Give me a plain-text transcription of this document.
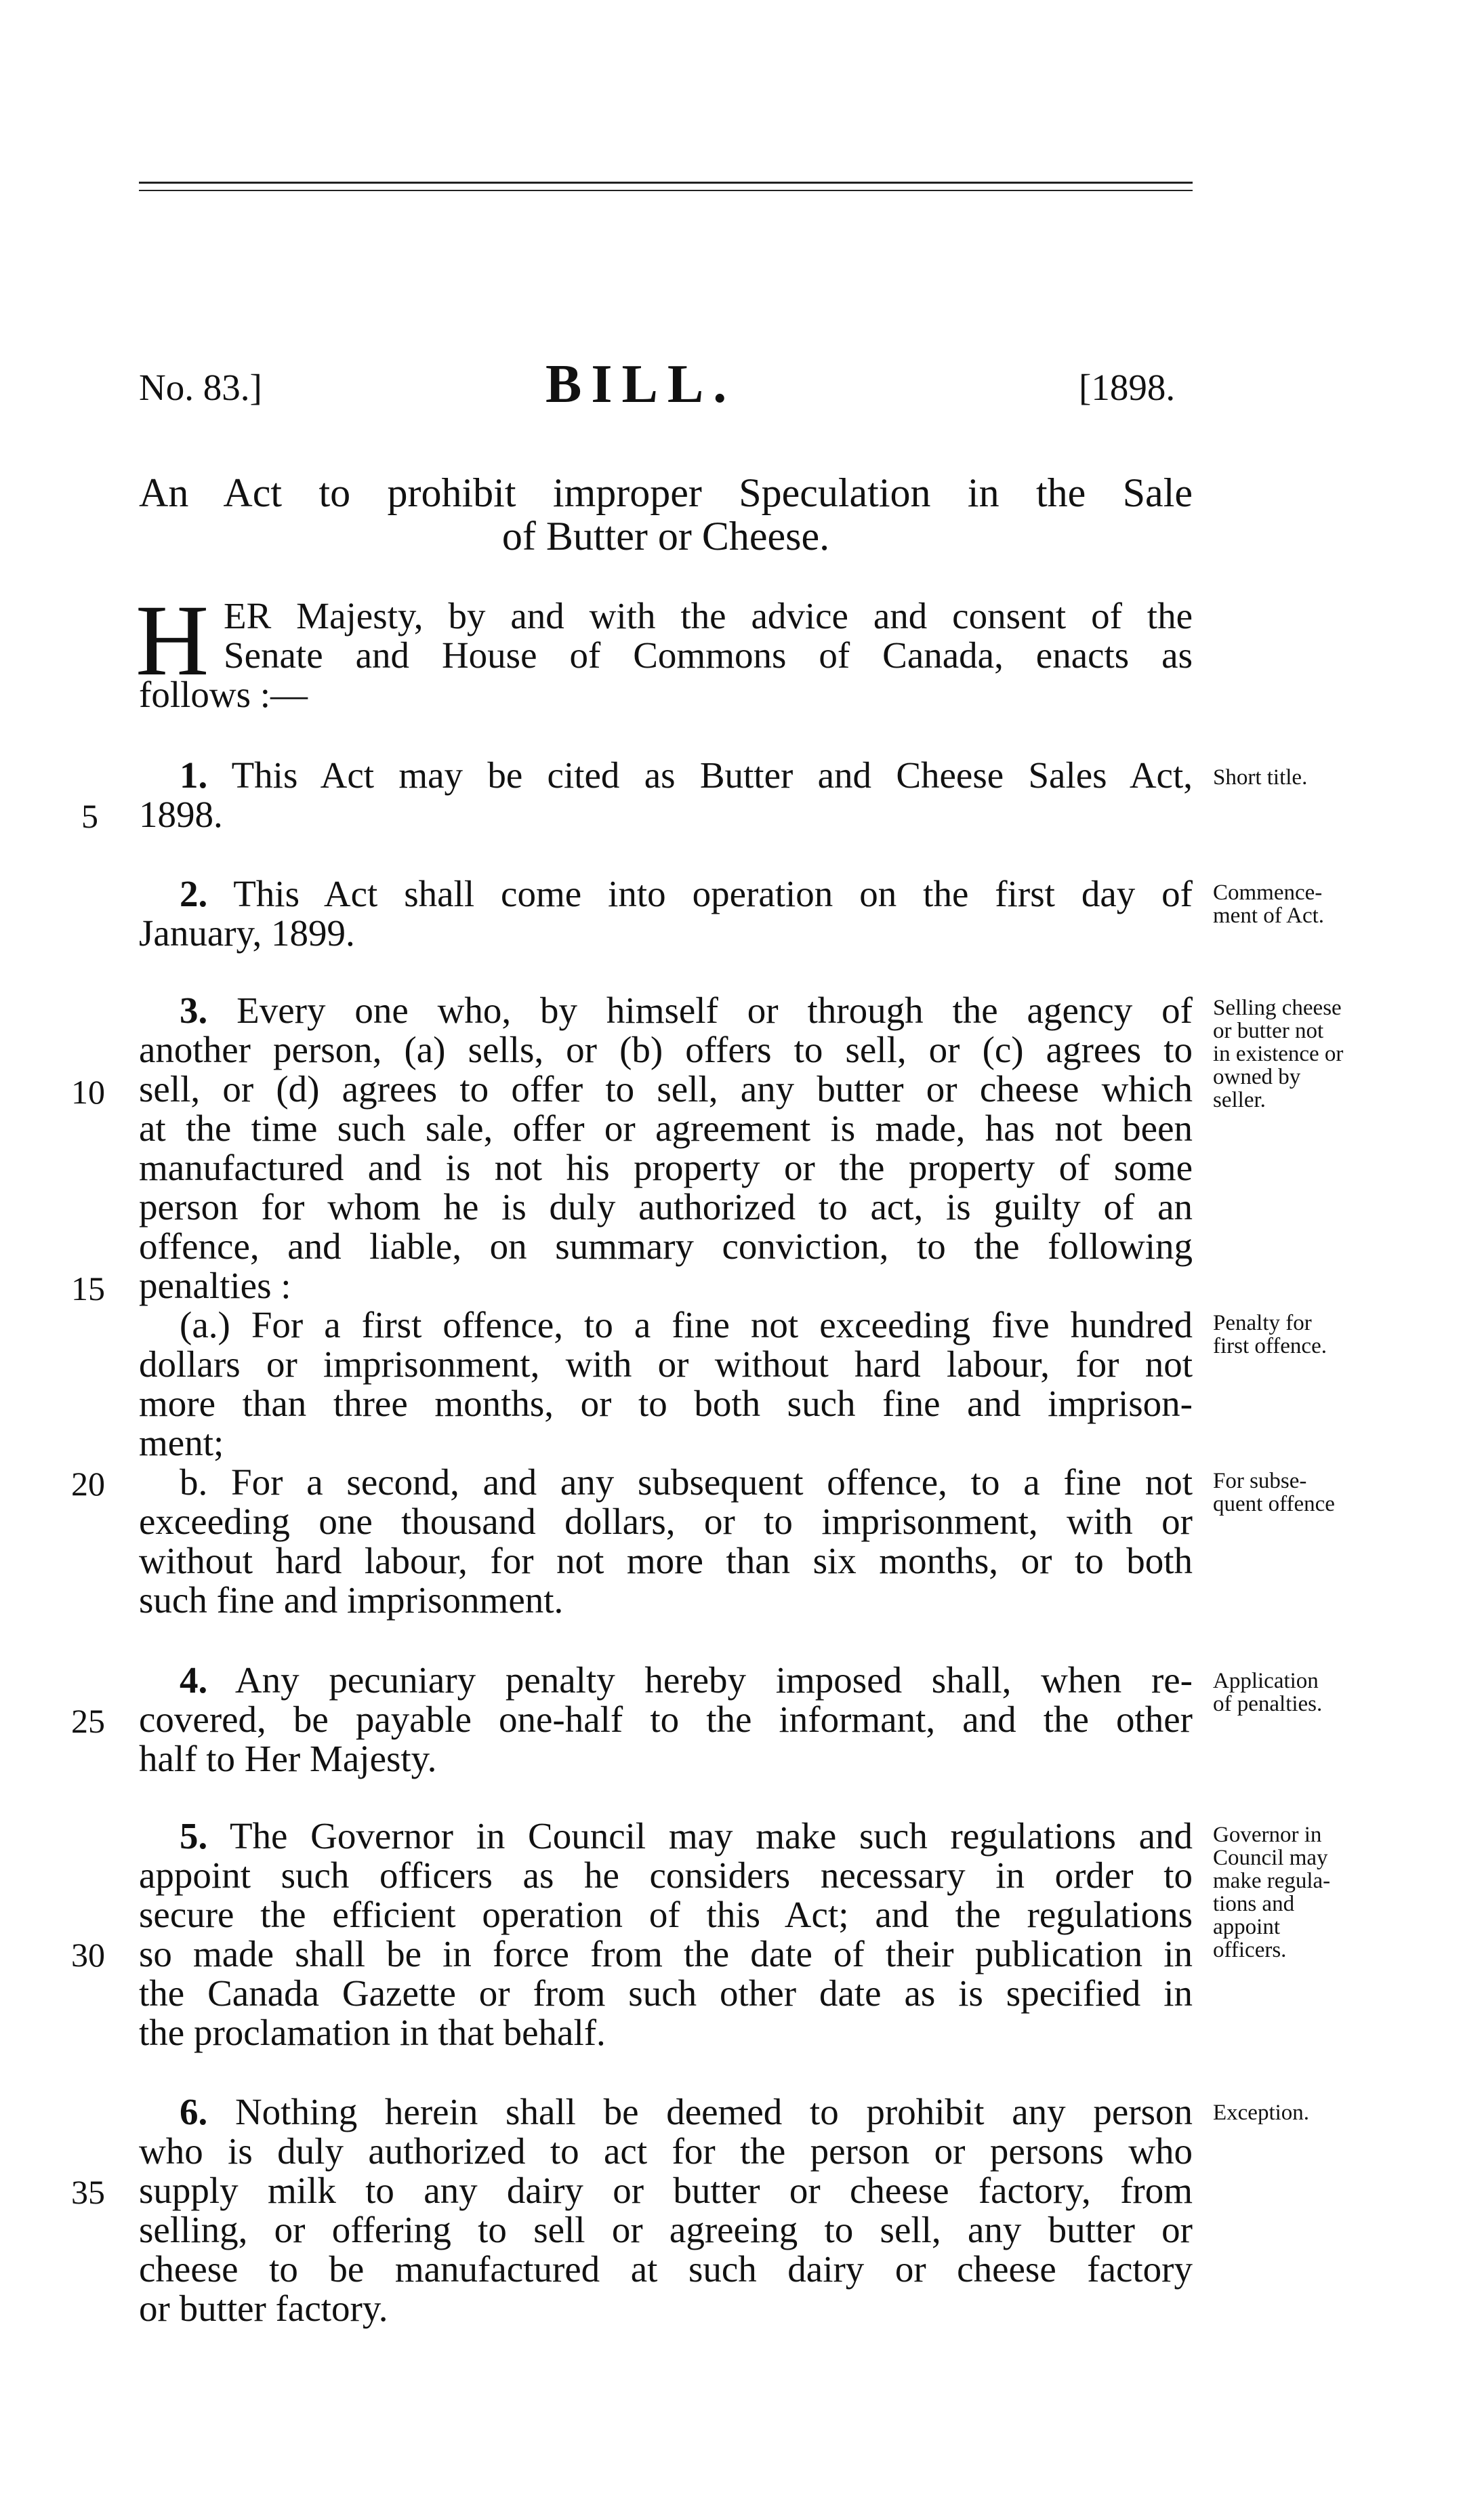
No. 83.]	BILL.	[1898.
An Act to prohibit improper Speculation in the Sale
of Butter or Cheese.
H ER Majesty, by and with the advice and consent of the
Senate and House of Commons of Canada, enacts as
follows :—
1. This Act may be cited as Butter and Cheese Sales Act,
1898.
Short title.
2. This Act shall come into operation on the first day of
January, 1899.
Commence-
ment of Act.
3. Every one who, by himself or through the agency of
another person, (a) sells, or (b) offers to sell, or (c) agrees to
sell, or (d) agrees to offer to sell, any butter or cheese which
at the time such sale, offer or agreement is made, has not been
manufactured and is not his property or the property of some
person for whom he is duly authorized to act, is guilty of an
offence, and liable, on summary conviction, to the following
penalties :
Selling cheese
or butter not
in existence or
owned by
seller.
(a.) For a first offence, to a fine not exceeding five hundred
dollars or imprisonment, with or without hard labour, for not
more than three months, or to both such fine and imprison-
ment;
Penalty for
first offence.
b. For a second, and any subsequent offence, to a fine not
exceeding one thousand dollars, or to imprisonment, with or
without hard labour, for not more than six months, or to both
such fine and imprisonment.
For subse-
quent offence
4. Any pecuniary penalty hereby imposed shall, when re-
covered, be payable one-half to the informant, and the other
half to Her Majesty.
Application
of penalties.
5. The Governor in Council may make such regulations and
appoint such officers as he considers necessary in order to
secure the efficient operation of this Act; and the regulations
so made shall be in force from the date of their publication in
the Canada Gazette or from such other date as is specified in
the proclamation in that behalf.
Governor in
Council may
make regula-
tions and
appoint
officers.
6. Nothing herein shall be deemed to prohibit any person
who is duly authorized to act for the person or persons who
supply milk to any dairy or butter or cheese factory, from
selling, or offering to sell or agreeing to sell, any butter or
cheese to be manufactured at such dairy or cheese factory
or butter factory.
Exception.
5
10
15
20
25
30
35
